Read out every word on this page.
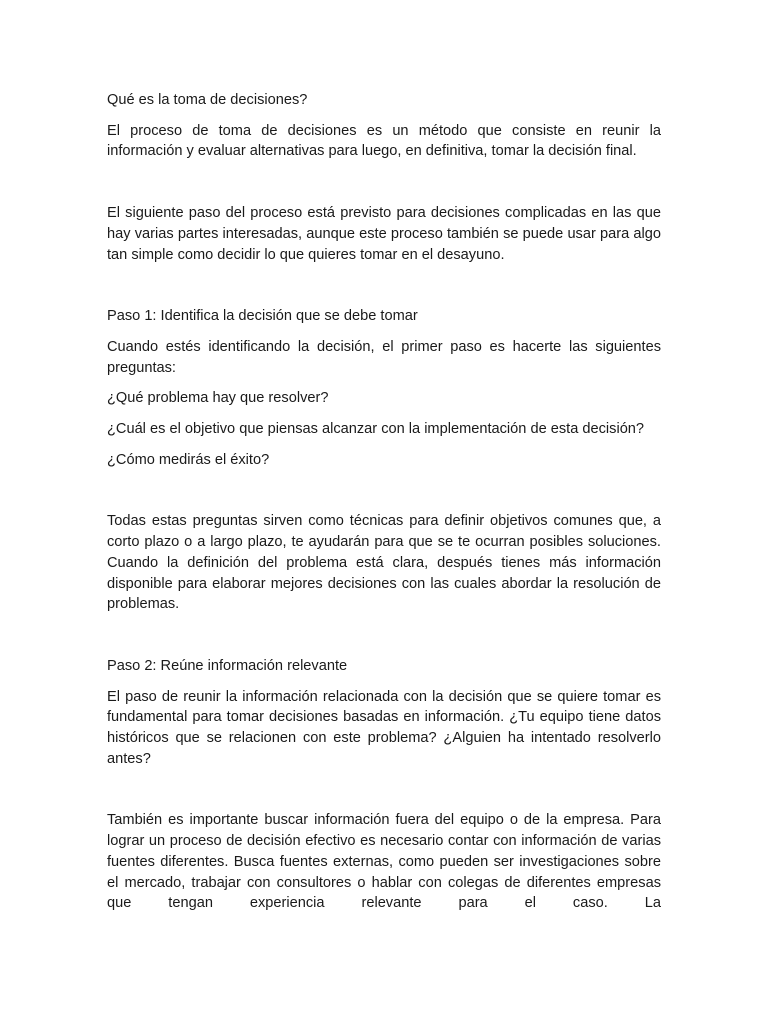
Qué es la toma de decisiones?

El proceso de toma de decisiones es un método que consiste en reunir la información y evaluar alternativas para luego, en definitiva, tomar la decisión final.

El siguiente paso del proceso está previsto para decisiones complicadas en las que hay varias partes interesadas, aunque este proceso también se puede usar para algo tan simple como decidir lo que quieres tomar en el desayuno.

Paso 1: Identifica la decisión que se debe tomar

Cuando estés identificando la decisión, el primer paso es hacerte las siguientes preguntas:

¿Qué problema hay que resolver?

¿Cuál es el objetivo que piensas alcanzar con la implementación de esta decisión?

¿Cómo medirás el éxito?

Todas estas preguntas sirven como técnicas para definir objetivos comunes que, a corto plazo o a largo plazo, te ayudarán para que se te ocurran posibles soluciones. Cuando la definición del problema está clara, después tienes más información disponible para elaborar mejores decisiones con las cuales abordar la resolución de problemas.

Paso 2: Reúne información relevante

El paso de reunir la información relacionada con la decisión que se quiere tomar es fundamental para tomar decisiones basadas en información. ¿Tu equipo tiene datos históricos que se relacionen con este problema? ¿Alguien ha intentado resolverlo antes?

También es importante buscar información fuera del equipo o de la empresa. Para lograr un proceso de decisión efectivo es necesario contar con información de varias fuentes diferentes. Busca fuentes externas, como pueden ser investigaciones sobre el mercado, trabajar con consultores o hablar con colegas de diferentes empresas que tengan experiencia relevante para el caso. La
